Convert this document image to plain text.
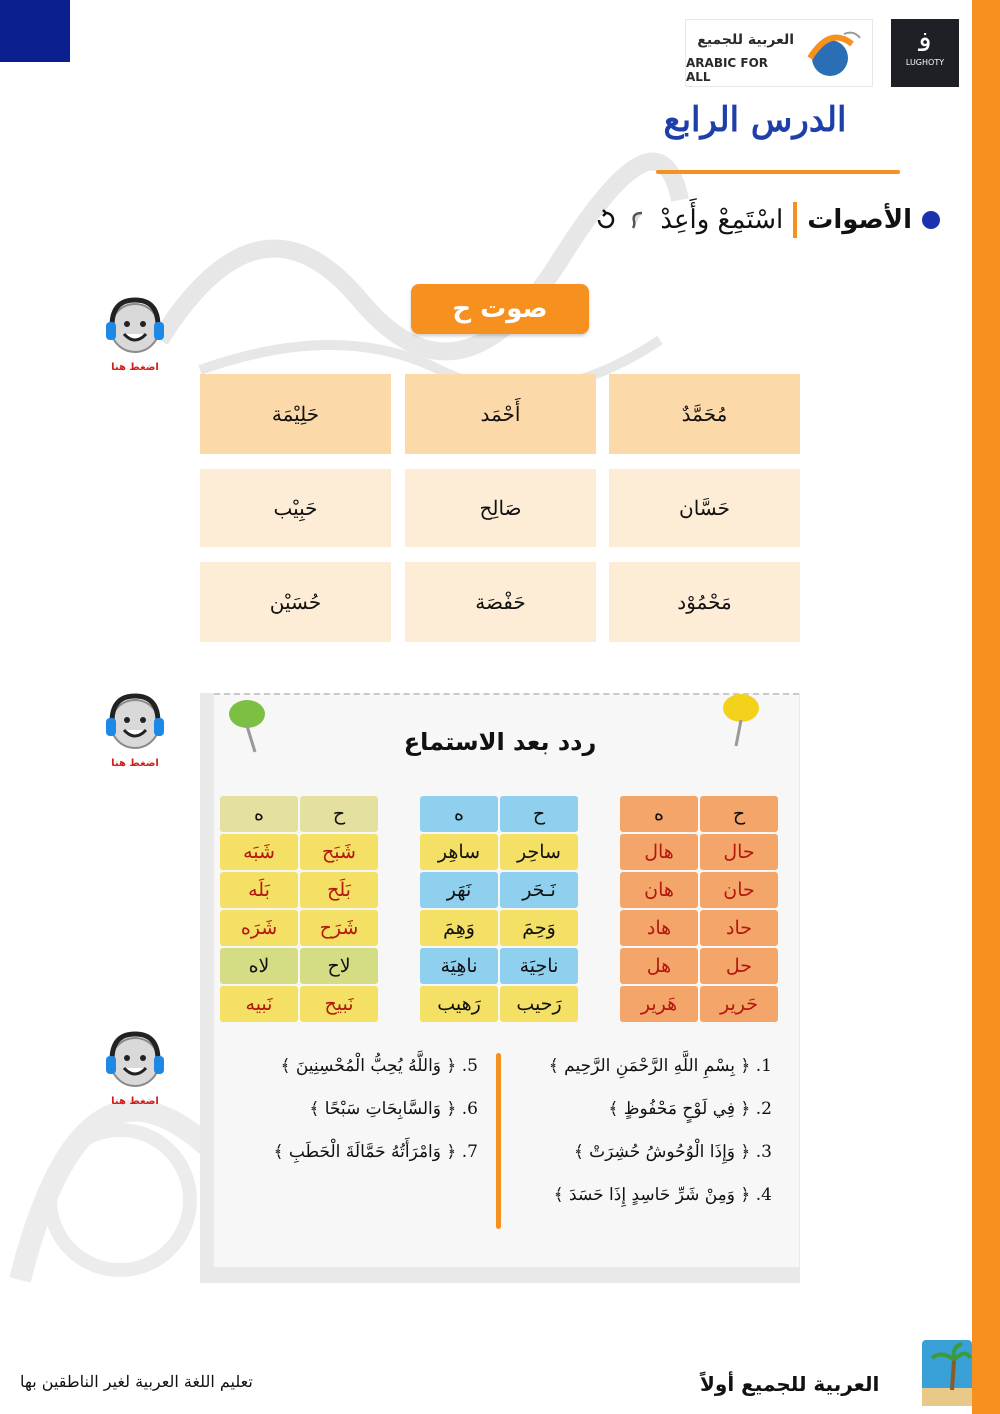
العربية للجميع
ARABIC FOR ALL
ﻓ
LUGHOTY
الدرس الرابع
الأصوات
اسْتَمِعْ وأَعِدْ
صوت ح
اضغط هنا
اضغط هنا
اضغط هنا
مُحَمَّدٌ
أَحْمَد
حَلِيْمَة
حَسَّان
صَالِح
حَبِيْب
مَحْمُوْد
حَفْصَة
حُسَيْن
ردد بعد الاستماع
ح
ه
حال
هال
حان
هان
حاد
هاد
حل
هل
حَرير
هَرير
ح
ه
ساحِر
ساهِر
نَـحَر
نَهَر
وَحِمَ
وَهِمَ
ناحِيَة
ناهِيَة
رَحيب
رَهيب
ح
ه
شَبَح
شَبَه
بَلَح
بَلَه
شَرَح
شَرَه
لاح
لاه
نَبيح
نَبيه
1. ﴿ بِسْمِ اللَّهِ الرَّحْمَنِ الرَّحِيم ﴾
2. ﴿ فِي لَوْحٍ مَحْفُوظٍ ﴾
3. ﴿ وَإِذَا الْوُحُوشُ حُشِرَتْ ﴾
4. ﴿ وَمِنْ شَرِّ حَاسِدٍ إِذَا حَسَدَ ﴾
5. ﴿ وَاللَّهُ يُحِبُّ الْمُحْسِنِينَ ﴾
6. ﴿ وَالسَّابِحَاتِ سَبْحًا ﴾
7. ﴿ وَامْرَأَتُهُ حَمَّالَةَ الْحَطَبِ ﴾
تعليم اللغة العربية لغير الناطقين بها	العربية للجميع أولاً
